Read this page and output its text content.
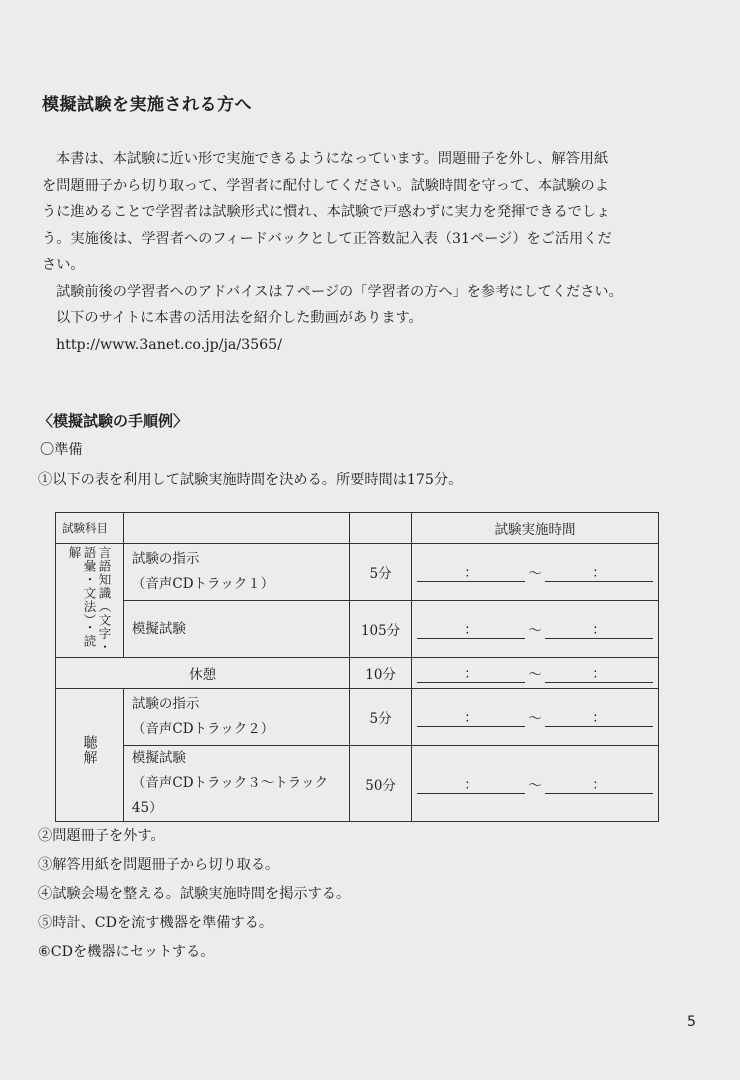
模擬試験を実施される方へ
本書は、本試験に近い形で実施できるようになっています。問題冊子を外し、解答用紙
を問題冊子から切り取って、学習者に配付してください。試験時間を守って、本試験のよ
うに進めることで学習者は試験形式に慣れ、本試験で戸惑わずに実力を発揮できるでしょ
う。実施後は、学習者へのフィードバックとして正答数記入表（31ページ）をご活用くだ
さい。

試験前後の学習者へのアドバイスは７ページの「学習者の方へ」を参考にしてください。

以下のサイトに本書の活用法を紹介した動画があります。

http://www.3anet.co.jp/ja/3565/

〈模擬試験の手順例〉
〇準備
①以下の表を利用して試験実施時間を決める。所要時間は175分。
試験科目			試験実施時間

言語知識（文字・語彙・文法）・読解	試験の指示
（音声CDトラック１）	5分	： 〜 ：
	模擬試験	105分	： 〜 ：
休憩		10分	： 〜 ：

聴解	試験の指示
（音声CDトラック２）	5分	： 〜 ：

	模擬試験
（音声CDトラック３〜トラック45）	50分	： 〜 ：
②問題冊子を外す。
③解答用紙を問題冊子から切り取る。
④試験会場を整える。試験実施時間を掲示する。
⑤時計、CDを流す機器を準備する。
⑥CDを機器にセットする。
5
